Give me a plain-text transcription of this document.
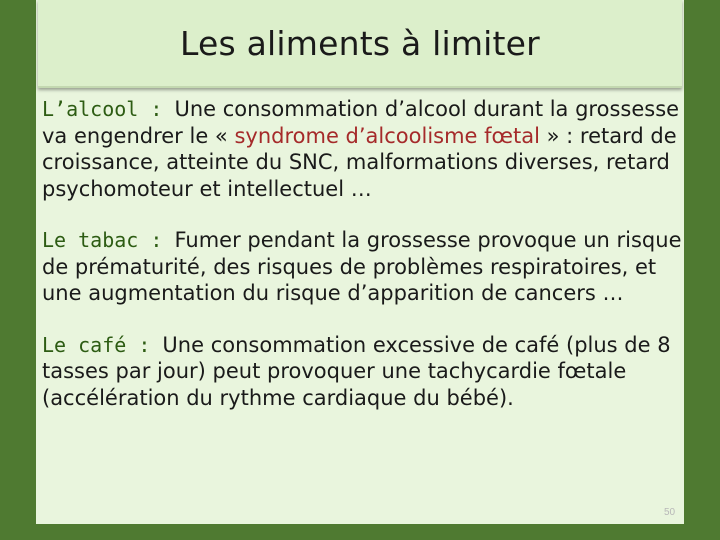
Les aliments à limiter

L’alcool : Une consommation d’alcool durant la grossesse va engendrer le « syndrome d’alcoolisme fœtal » : retard de croissance, atteinte du SNC, malformations diverses, retard psychomoteur et intellectuel …

Le tabac : Fumer pendant la grossesse provoque un risque de prématurité, des risques de problèmes respiratoires, et une augmentation du risque d’apparition de cancers …

Le café : Une consommation excessive de café (plus de 8 tasses par jour) peut provoquer une tachycardie fœtale (accélération du rythme cardiaque du bébé).

50
